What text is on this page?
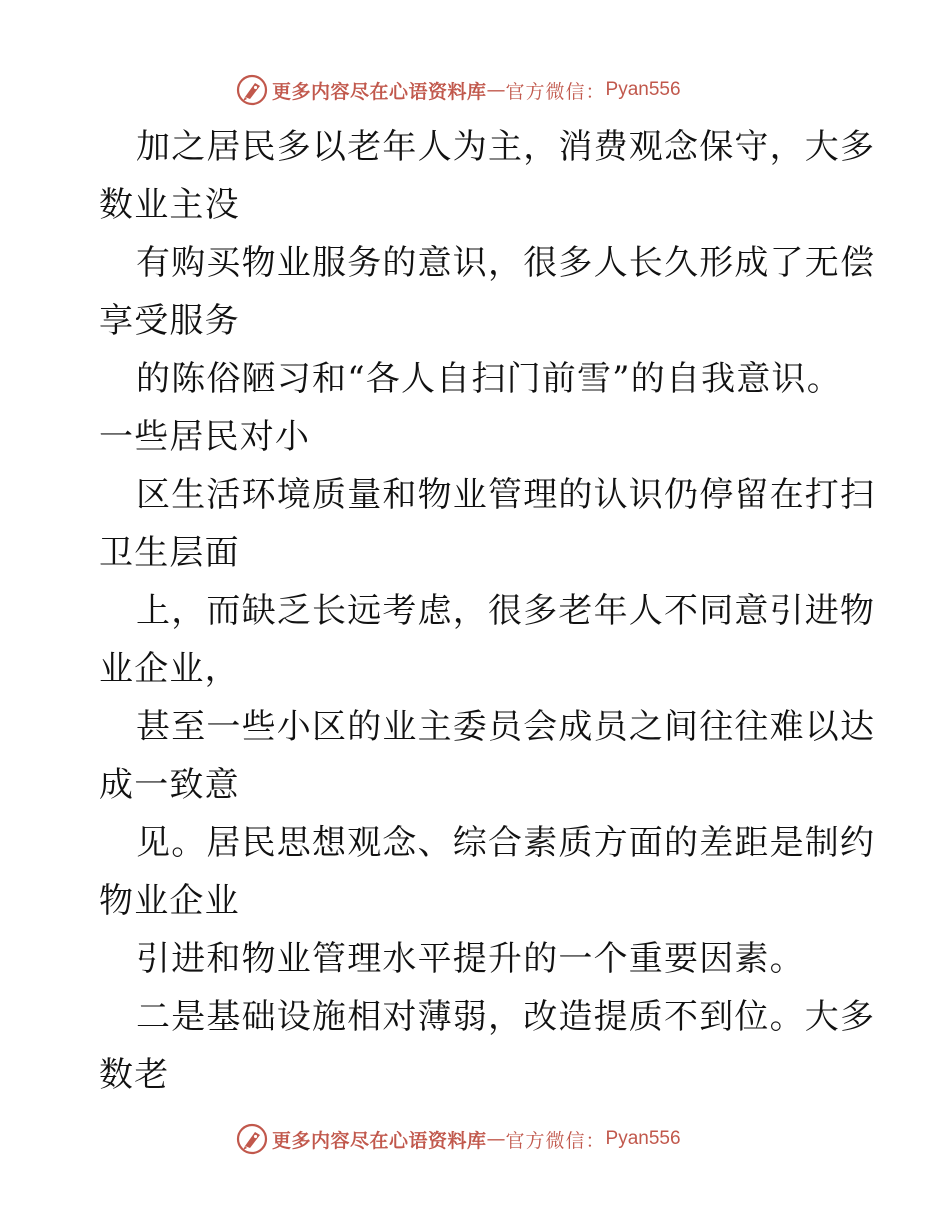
更多内容尽在心语资料库 — 官方微信： Pyan556
加之居民多以老年人为主，消费观念保守，大多
数业主没
有购买物业服务的意识，很多人长久形成了无偿
享受服务
的陈俗陋习和“各人自扫门前雪”的自我意识。
一些居民对小
区生活环境质量和物业管理的认识仍停留在打扫
卫生层面
上，而缺乏长远考虑，很多老年人不同意引进物
业企业，
甚至一些小区的业主委员会成员之间往往难以达
成一致意
见。居民思想观念、综合素质方面的差距是制约
物业企业
引进和物业管理水平提升的一个重要因素。
二是基础设施相对薄弱，改造提质不到位。大多
数老
更多内容尽在心语资料库 — 官方微信： Pyan556
